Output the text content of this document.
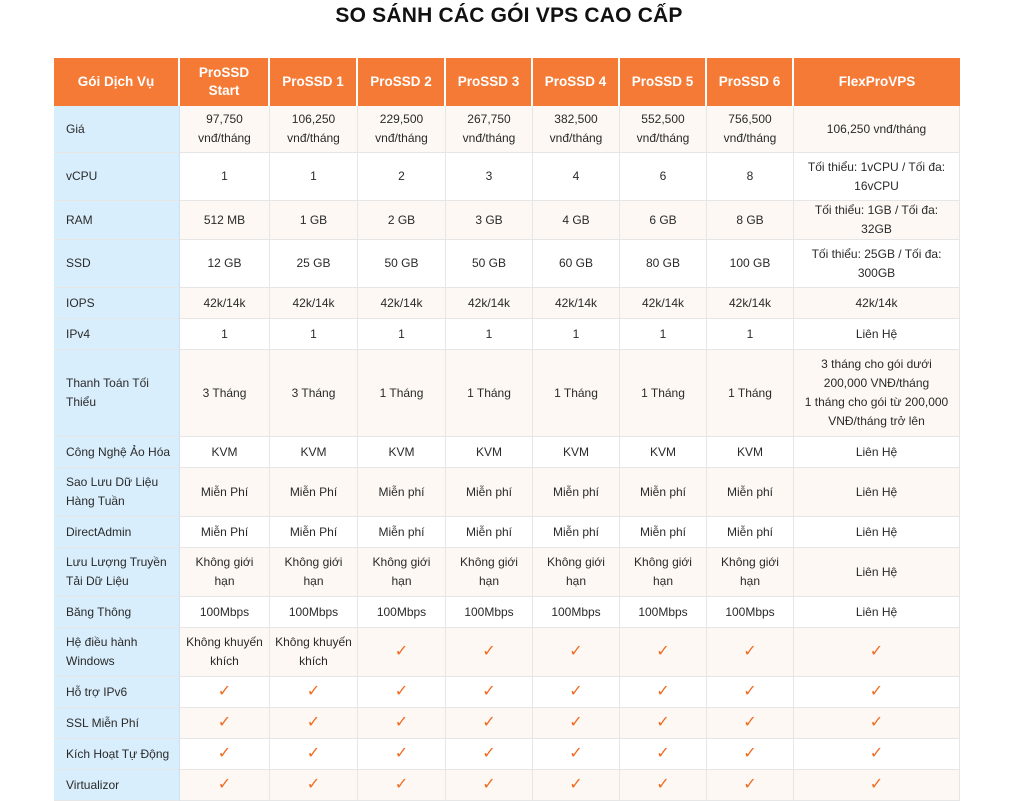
SO SÁNH CÁC GÓI VPS CAO CẤP
Gói Dịch Vụ	ProSSD Start	ProSSD 1	ProSSD 2	ProSSD 3	ProSSD 4	ProSSD 5	ProSSD 6	FlexProVPS
Giá	97,750 vnđ/tháng	106,250 vnđ/tháng	229,500 vnđ/tháng	267,750 vnđ/tháng	382,500 vnđ/tháng	552,500 vnđ/tháng	756,500 vnđ/tháng	106,250 vnđ/tháng
vCPU	1	1	2	3	4	6	8	Tối thiểu: 1vCPU / Tối đa: 16vCPU
RAM	512 MB	1 GB	2 GB	3 GB	4 GB	6 GB	8 GB	Tối thiểu: 1GB / Tối đa: 32GB
SSD	12 GB	25 GB	50 GB	50 GB	60 GB	80 GB	100 GB	Tối thiểu: 25GB / Tối đa: 300GB
IOPS	42k/14k	42k/14k	42k/14k	42k/14k	42k/14k	42k/14k	42k/14k	42k/14k
IPv4	1	1	1	1	1	1	1	Liên Hệ
Thanh Toán Tối Thiểu	3 Tháng	3 Tháng	1 Tháng	1 Tháng	1 Tháng	1 Tháng	1 Tháng	3 tháng cho gói dưới 200,000 VNĐ/tháng
1 tháng cho gói từ 200,000 VNĐ/tháng trở lên
Công Nghệ Ảo Hóa	KVM	KVM	KVM	KVM	KVM	KVM	KVM	Liên Hệ
Sao Lưu Dữ Liệu Hàng Tuần	Miễn Phí	Miễn Phí	Miễn phí	Miễn phí	Miễn phí	Miễn phí	Miễn phí	Liên Hệ
DirectAdmin	Miễn Phí	Miễn Phí	Miễn phí	Miễn phí	Miễn phí	Miễn phí	Miễn phí	Liên Hệ
Lưu Lượng Truyền Tải Dữ Liệu	Không giới hạn	Không giới hạn	Không giới hạn	Không giới hạn	Không giới hạn	Không giới hạn	Không giới hạn	Liên Hệ
Băng Thông	100Mbps	100Mbps	100Mbps	100Mbps	100Mbps	100Mbps	100Mbps	Liên Hệ
Hệ điều hành Windows	Không khuyến khích	Không khuyến khích	✓	✓	✓	✓	✓	✓
Hỗ trợ IPv6	✓	✓	✓	✓	✓	✓	✓	✓
SSL Miễn Phí	✓	✓	✓	✓	✓	✓	✓	✓
Kích Hoạt Tự Động	✓	✓	✓	✓	✓	✓	✓	✓
Virtualizor	✓	✓	✓	✓	✓	✓	✓	✓
